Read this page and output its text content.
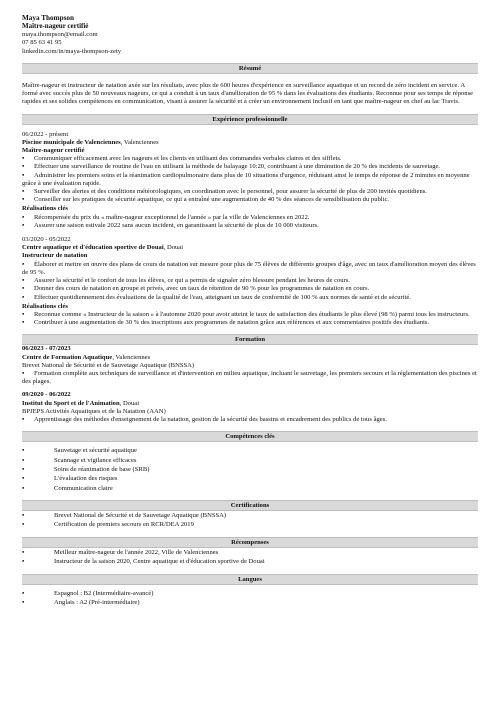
Maya Thompson
Maître-nageur certifié
maya.thompson@email.com
07 85 63 41 95
linkedin.com/in/maya-thompson-zety
Résumé

Maître-nageur et instructeur de natation axée sur les résultats, avec plus de 600 heures d'expérience en surveillance aquatique et un record de zéro incident en service. A formé avec succès plus de 50 nouveaux nageurs, ce qui a conduit à un taux d'amélioration de 95 % dans les évaluations des étudiants. Reconnue pour ses temps de réponse rapides et ses solides compétences en communication, visant à assurer la sécurité et à créer un environnement inclusif en tant que maître-nageur en chef au lac Travis.

Expérience professionnelle

06/2022 - présent

Piscine municipale de Valenciennes, Valenciennes

Maître-nageur certifié

• Communiquer efficacement avec les nageurs et les clients en utilisant des commandes verbales claires et des sifflets.

• Effectuer une surveillance de routine de l'eau en utilisant la méthode de balayage 10:20, contribuant à une diminution de 20 % des incidents de sauvetage.

• Administrer les premiers soins et la réanimation cardiopulmonaire dans plus de 10 situations d'urgence, réduisant ainsi le temps de réponse de 2 minutes en moyenne grâce à une évaluation rapide.

• Surveiller des alertes et des conditions météorologiques, en coordination avec le personnel, pour assurer la sécurité de plus de 200 invités quotidiens.

• Conseiller sur les pratiques de sécurité aquatique, ce qui a entraîné une augmentation de 40 % des séances de sensibilisation du public.

Réalisations clés

• Récompensée du prix du « maître-nageur exceptionnel de l'année » par la ville de Valenciennes en 2022.

• Assurer une saison estivale 2022 sans aucun incident, en garantissant la sécurité de plus de 10 000 visiteurs.

03/2020 - 05/2022

Centre aquatique et d'éducation sportive de Douai, Douai

Instructeur de natation

• Élaborer et mettre en œuvre des plans de cours de natation sur mesure pour plus de 75 élèves de différents groupes d'âge, avec un taux d'amélioration moyen des élèves de 95 %.

• Assurer la sécurité et le confort de tous les élèves, ce qui a permis de signaler zéro blessure pendant les heures de cours.

• Donner des cours de natation en groupe et privés, avec un taux de rétention de 90 % pour les programmes de natation en cours.

• Effectuer quotidiennement des évaluations de la qualité de l'eau, atteignant un taux de conformité de 100 % aux normes de santé et de sécurité.

Réalisations clés

• Reconnue comme « Instructeur de la saison » à l'automne 2020 pour avoir atteint le taux de satisfaction des étudiants le plus élevé (98 %) parmi tous les instructeurs.

• Contribuer à une augmentation de 30 % des inscriptions aux programmes de natation grâce aux références et aux commentaires positifs des étudiants.

Formation

06/2023 - 07/2023

Centre de Formation Aquatique, Valenciennes

Brevet National de Sécurité et de Sauvetage Aquatique (BNSSA)

• Formation complète aux techniques de surveillance et d'intervention en milieu aquatique, incluant le sauvetage, les premiers secours et la réglementation des piscines et des plages.

09/2020 - 06/2022

Institut du Sport et de l'Animation, Douai

BPJEPS Activités Aquatiques et de la Natation (AAN)

• Apprentissage des méthodes d'enseignement de la natation, gestion de la sécurité des bassins et encadrement des publics de tous âges.

Compétences clés
•	Sauvetage et sécurité aquatique
•	Scannage et vigilance efficaces
•	Soins de réanimation de base (SRB)
•	L'évaluation des risques
•	Communication claire
Certifications
•	Brevet National de Sécurité et de Sauvetage Aquatique (BNSSA)
•	Certification de premiers secours en RCR/DEA 2019
Récompenses
•	Meilleur maître-nageur de l'année 2022, Ville de Valenciennes
•	Instructeur de la saison 2020, Centre aquatique et d'éducation sportive de Douai
Langues
•	Espagnol : B2 (Intermédiaire-avancé)
•	Anglais : A2 (Pré-intermédiaire)
